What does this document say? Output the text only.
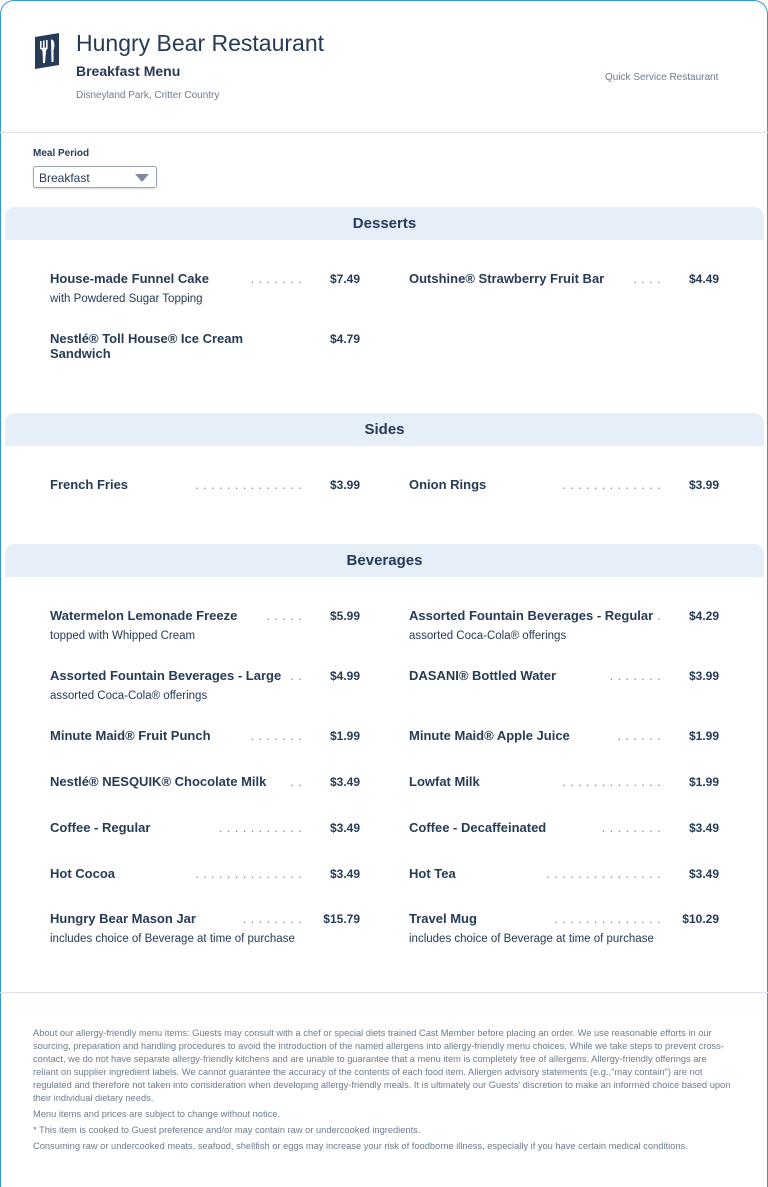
Hungry Bear Restaurant
Breakfast Menu
Disneyland Park, Critter Country
Quick Service Restaurant
Meal Period
Breakfast
Desserts
House-made Funnel Cake	.......	$7.49
with Powdered Sugar Topping
Outshine® Strawberry Fruit Bar	....	$4.49
Nestlé® Toll House® Ice Cream Sandwich
$4.79
Sides
French Fries	..............	$3.99	Onion Rings	.............	$3.99
Beverages
Watermelon Lemonade Freeze	.....	$5.99
topped with Whipped Cream
Assorted Fountain Beverages - Regular .	$4.29
assorted Coca-Cola® offerings
Assorted Fountain Beverages - Large ..	$4.99
assorted Coca-Cola® offerings
DASANI® Bottled Water	.......	$3.99
Minute Maid® Fruit Punch	.......	$1.99	Minute Maid® Apple Juice	......	$1.99
Nestlé® NESQUIK® Chocolate Milk	..	$3.49	Lowfat Milk	.............	$1.99
Coffee - Regular	...........	$3.49	Coffee - Decaffeinated	........	$3.49
Hot Cocoa	..............	$3.49	Hot Tea	...............	$3.49
Hungry Bear Mason Jar	........ $15.79
includes choice of Beverage at time of purchase
Travel Mug	.............. $10.29
includes choice of Beverage at time of purchase

About our allergy-friendly menu items: Guests may consult with a chef or special diets trained Cast Member before placing an order. We use reasonable efforts in our sourcing, preparation and handling procedures to avoid the introduction of the named allergens into allergy-friendly menu choices. While we take steps to prevent cross-contact, we do not have separate allergy-friendly kitchens and are unable to guarantee that a menu item is completely free of allergens. Allergy-friendly offerings are reliant on supplier ingredient labels. We cannot guarantee the accuracy of the contents of each food item. Allergen advisory statements (e.g.,"may contain") are not regulated and therefore not taken into consideration when developing allergy-friendly meals. It is ultimately our Guests' discretion to make an informed choice based upon their individual dietary needs.

Menu items and prices are subject to change without notice.

* This item is cooked to Guest preference and/or may contain raw or undercooked ingredients.

Consuming raw or undercooked meats, seafood, shellfish or eggs may increase your risk of foodborne illness, especially if you have certain medical conditions.
